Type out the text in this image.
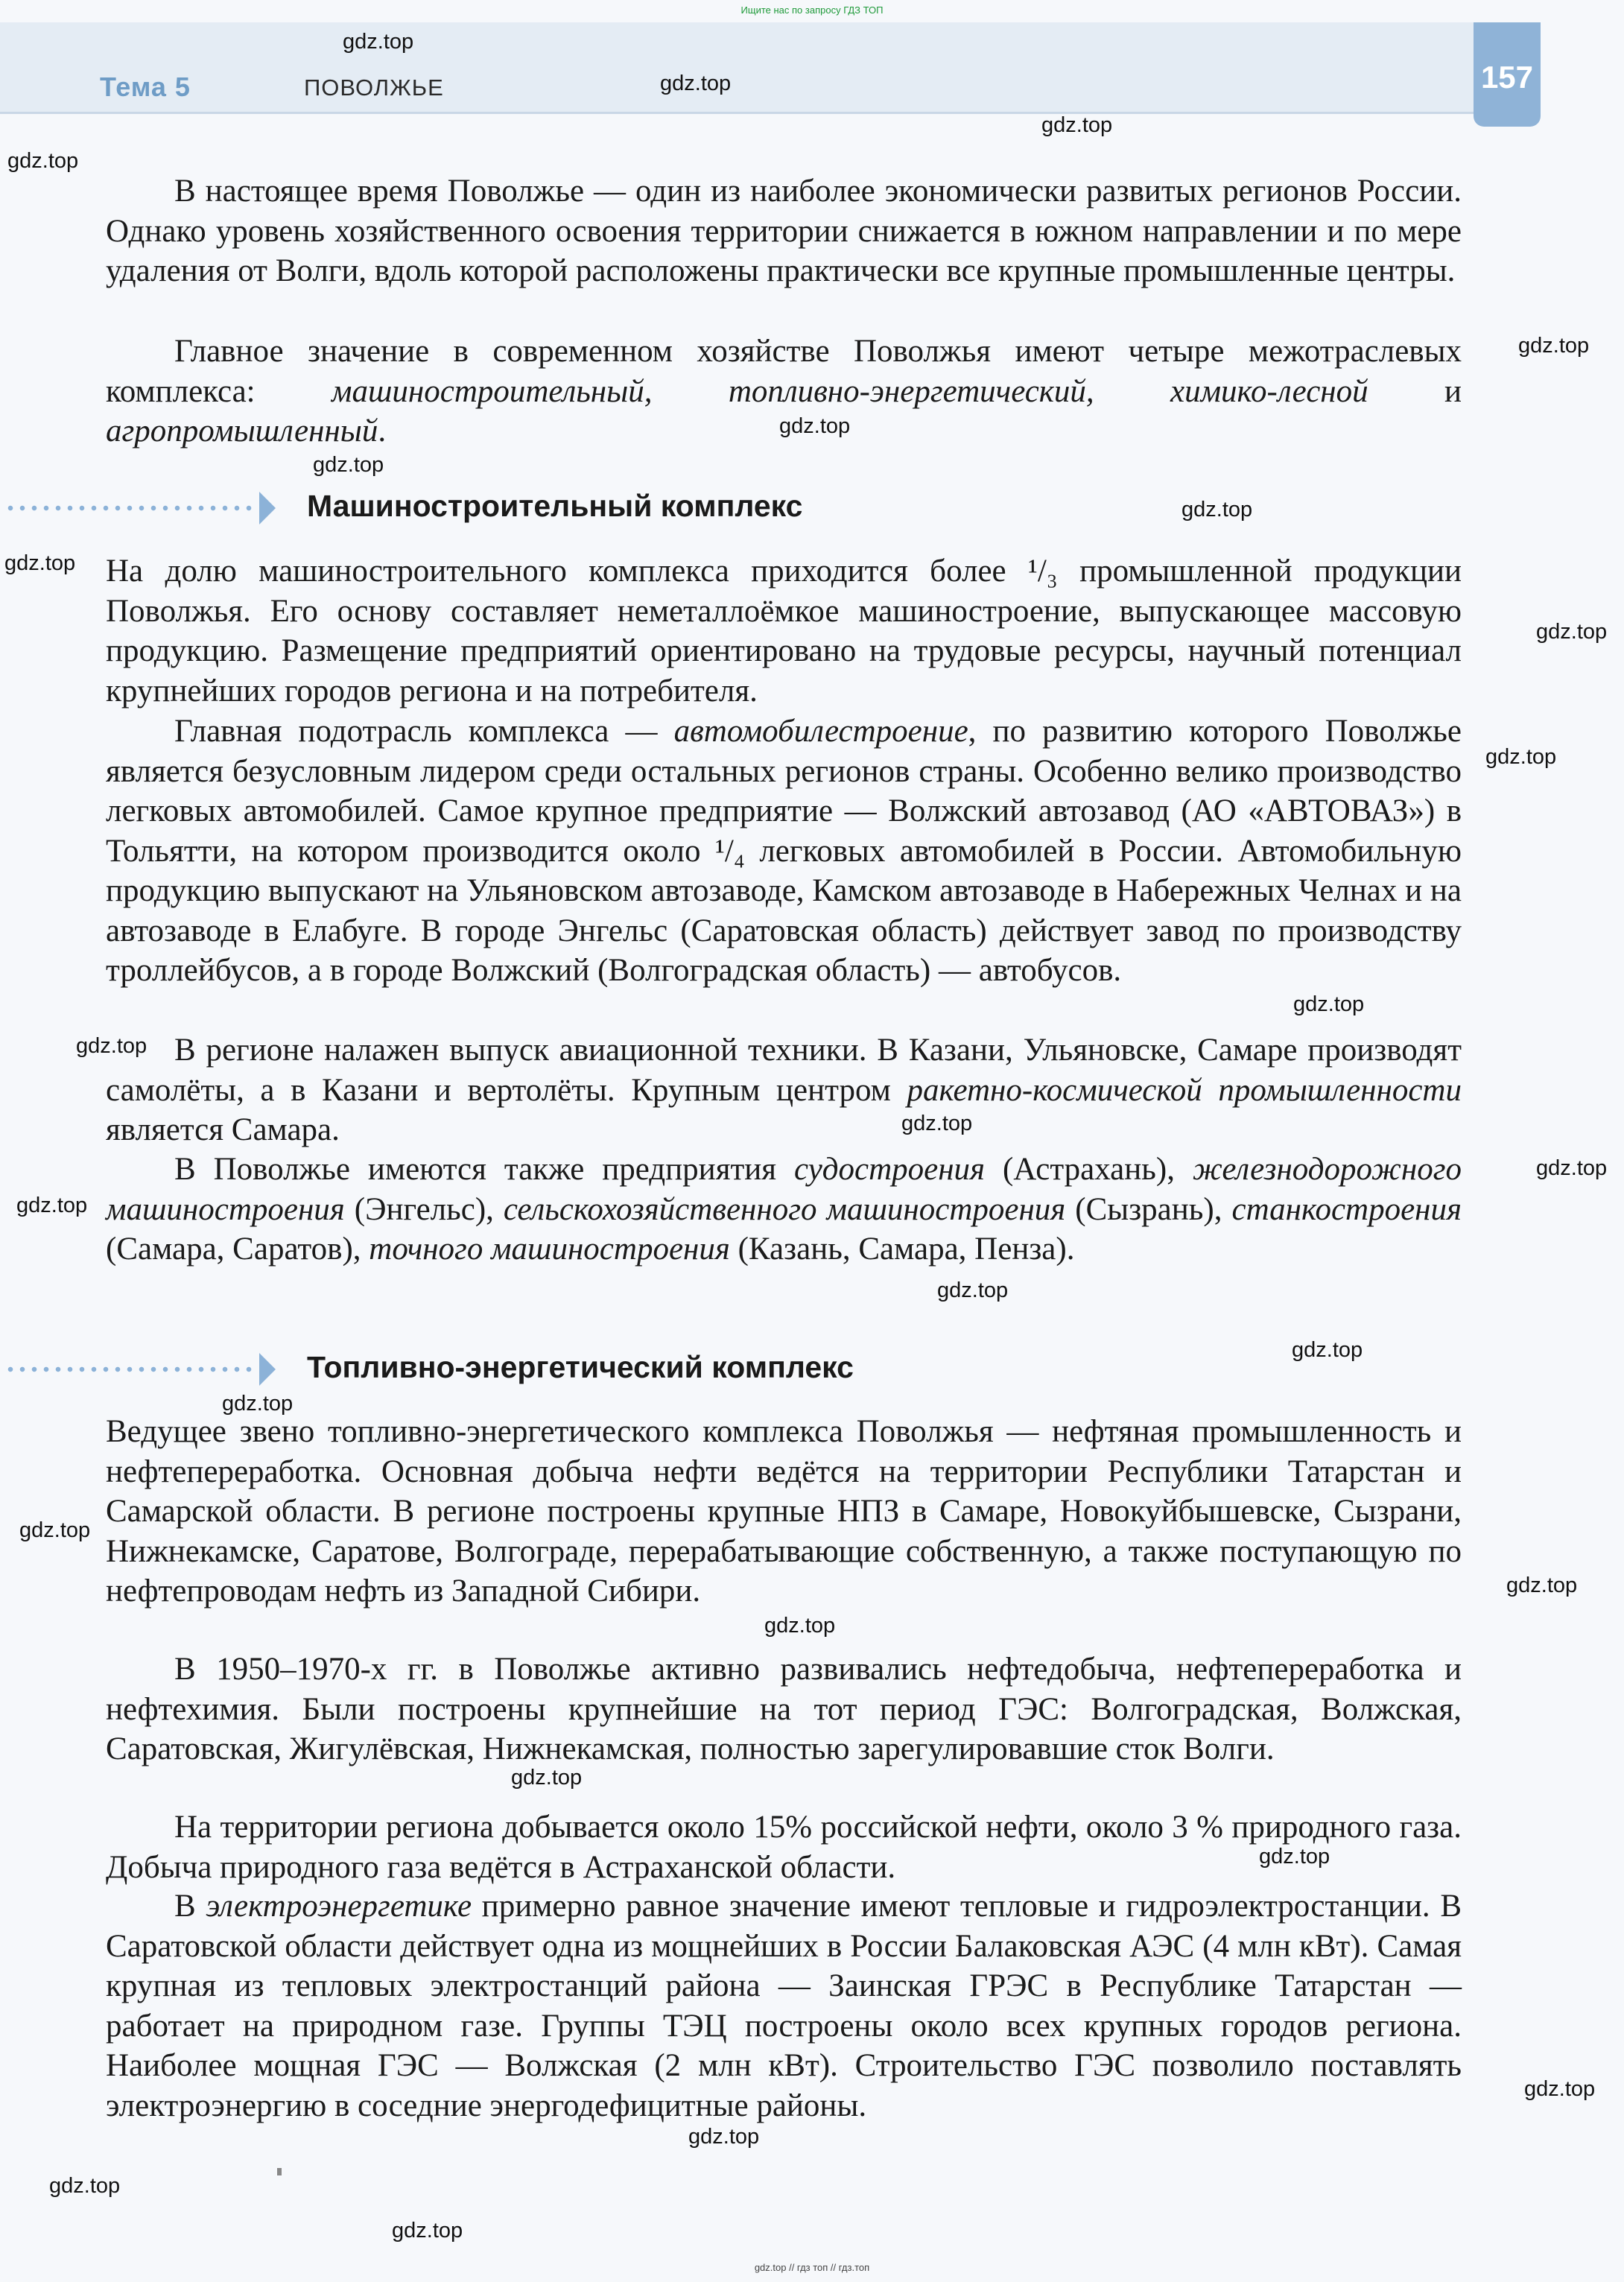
Ищите нас по запросу ГДЗ ТОП
Тема 5	ПОВОЛЖЬЕ	157

В настоящее время Поволжье — один из наиболее экономически развитых регионов России. Однако уровень хозяйственного освоения территории снижается в южном направлении и по мере удаления от Волги, вдоль которой расположены практически все крупные промышленные центры.

Главное значение в современном хозяйстве Поволжья имеют четыре межотраслевых комплекса: машиностроительный, топливно-энергетический, химико-лесной и агропромышленный.

Машиностроительный комплекс

На долю машиностроительного комплекса приходится более ¹/₃ промышленной продукции Поволжья. Его основу составляет неметаллоёмкое машиностроение, выпускающее массовую продукцию. Размещение предприятий ориентировано на трудовые ресурсы, научный потенциал крупнейших городов региона и на потребителя.

Главная подотрасль комплекса — автомобилестроение, по развитию которого Поволжье является безусловным лидером среди остальных регионов страны. Особенно велико производство легковых автомобилей. Самое крупное предприятие — Волжский автозавод (АО «АВТОВАЗ») в Тольятти, на котором производится около ¹/₄ легковых автомобилей в России. Автомобильную продукцию выпускают на Ульяновском автозаводе, Камском автозаводе в Набережных Челнах и на автозаводе в Елабуге. В городе Энгельс (Саратовская область) действует завод по производству троллейбусов, а в городе Волжский (Волгоградская область) — автобусов.

В регионе налажен выпуск авиационной техники. В Казани, Ульяновске, Самаре производят самолёты, а в Казани и вертолёты. Крупным центром ракетно-космической промышленности является Самара.

В Поволжье имеются также предприятия судостроения (Астрахань), железнодорожного машиностроения (Энгельс), сельскохозяйственного машиностроения (Сызрань), станкостроения (Самара, Саратов), точного машиностроения (Казань, Самара, Пенза).

Топливно-энергетический комплекс

Ведущее звено топливно-энергетического комплекса Поволжья — нефтяная промышленность и нефтепереработка. Основная добыча нефти ведётся на территории Республики Татарстан и Самарской области. В регионе построены крупные НПЗ в Самаре, Новокуйбышевске, Сызрани, Нижнекамске, Саратове, Волгограде, перерабатывающие собственную, а также поступающую по нефтепроводам нефть из Западной Сибири.

В 1950–1970-х гг. в Поволжье активно развивались нефтедобыча, нефтепереработка и нефтехимия. Были построены крупнейшие на тот период ГЭС: Волгоградская, Волжская, Саратовская, Жигулёвская, Нижнекамская, полностью зарегулировавшие сток Волги.

На территории региона добывается около 15% российской нефти, около 3 % природного газа. Добыча природного газа ведётся в Астраханской области.

В электроэнергетике примерно равное значение имеют тепловые и гидроэлектростанции. В Саратовской области действует одна из мощнейших в России Балаковская АЭС (4 млн кВт). Самая крупная из тепловых электростанций района — Заинская ГРЭС в Республике Татарстан — работает на природном газе. Группы ТЭЦ построены около всех крупных городов региона. Наиболее мощная ГЭС — Волжская (2 млн кВт). Строительство ГЭС позволило поставлять электроэнергию в соседние энергодефицитные районы.

gdz.top
gdz.top
gdz.top
gdz.top
gdz.top
gdz.top
gdz.top
gdz.top
gdz.top
gdz.top
gdz.top
gdz.top
gdz.top
gdz.top
gdz.top
gdz.top
gdz.top
gdz.top
gdz.top
gdz.top
gdz.top
gdz.top
gdz.top
gdz.top
gdz.top
gdz.top
gdz.top
gdz.top
gdz.top // гдз топ // гдз.топ
